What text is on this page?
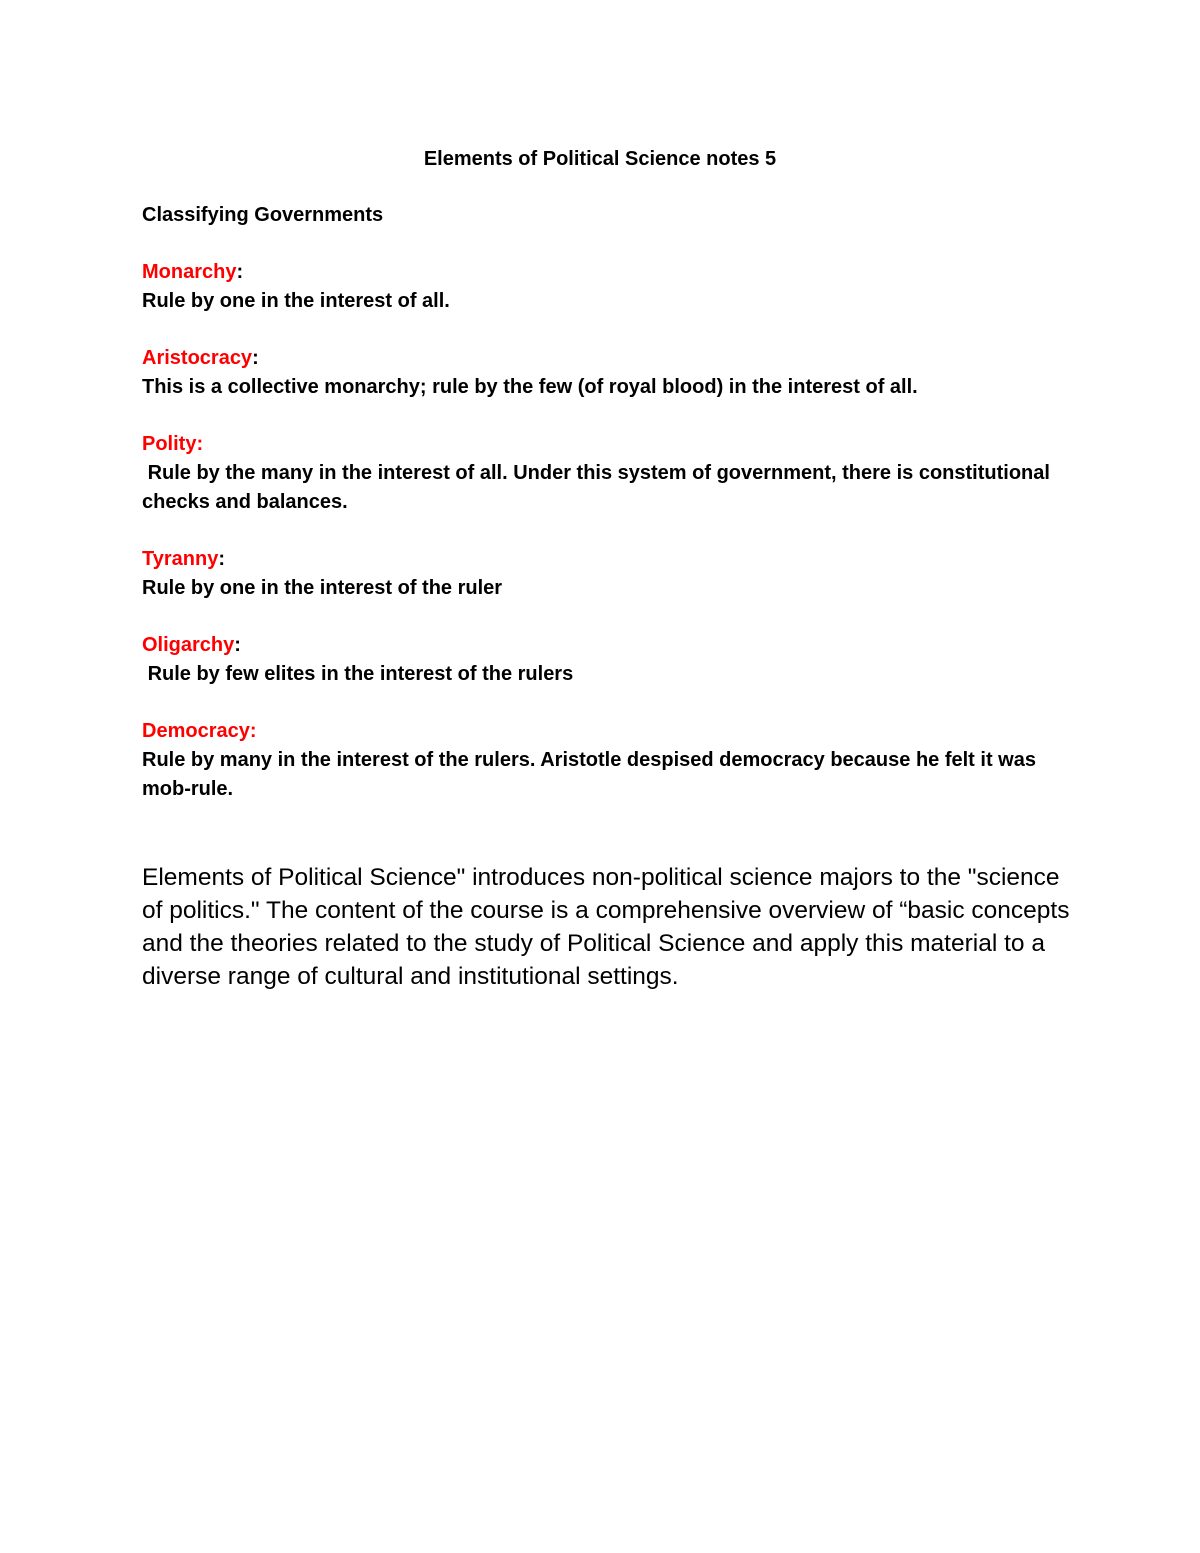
Elements of Political Science notes 5
Classifying Governments
Monarchy:
Rule by one in the interest of all.
Aristocracy:
This is a collective monarchy; rule by the few (of royal blood) in the interest of all.
Polity:
Rule by the many in the interest of all. Under this system of government, there is constitutional checks and balances.
Tyranny:
Rule by one in the interest of the ruler
Oligarchy:
Rule by few elites in the interest of the rulers
Democracy:
Rule by many in the interest of the rulers. Aristotle despised democracy because he felt it was mob-rule.
Elements of Political Science" introduces non-political science majors to the "science of politics." The content of the course is a comprehensive overview of “basic concepts and the theories related to the study of Political Science and apply this material to a diverse range of cultural and institutional settings.
